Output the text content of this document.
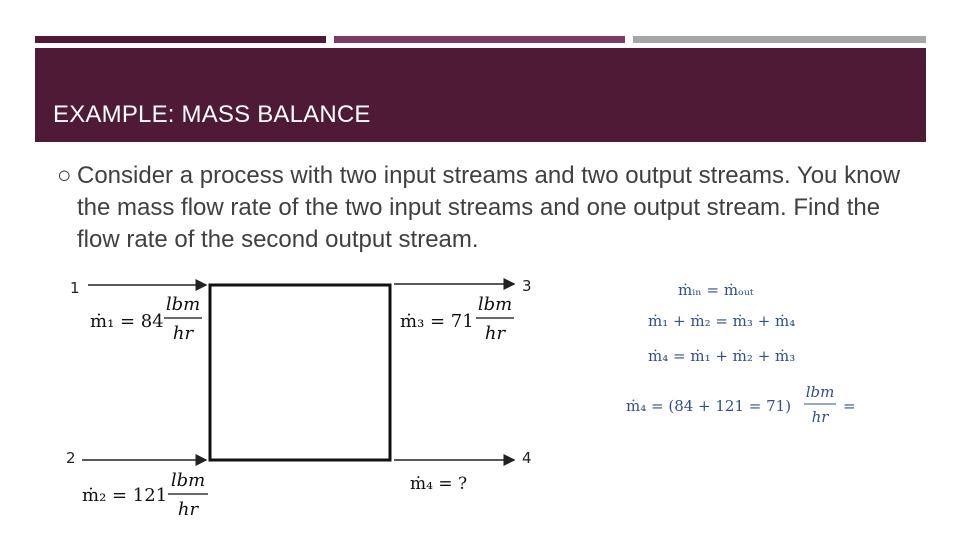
EXAMPLE: MASS BALANCE
○ Consider a process with two input streams and two output streams. You know the mass flow rate of the two input streams and one output stream. Find the flow rate of the second output stream.
1
2
3
4
ṁ₁ = 84
lbm
hr
ṁ₃ = 71
lbm
hr
ṁ₂ = 121
lbm
hr
ṁ₄ = ?
ṁᵢₙ = ṁₒᵤₜ
ṁ₁ + ṁ₂ = ṁ₃ + ṁ₄
ṁ₄ = ṁ₁ + ṁ₂ + ṁ₃
ṁ₄ = (84 + 121 = 71)
lbm
hr
=
